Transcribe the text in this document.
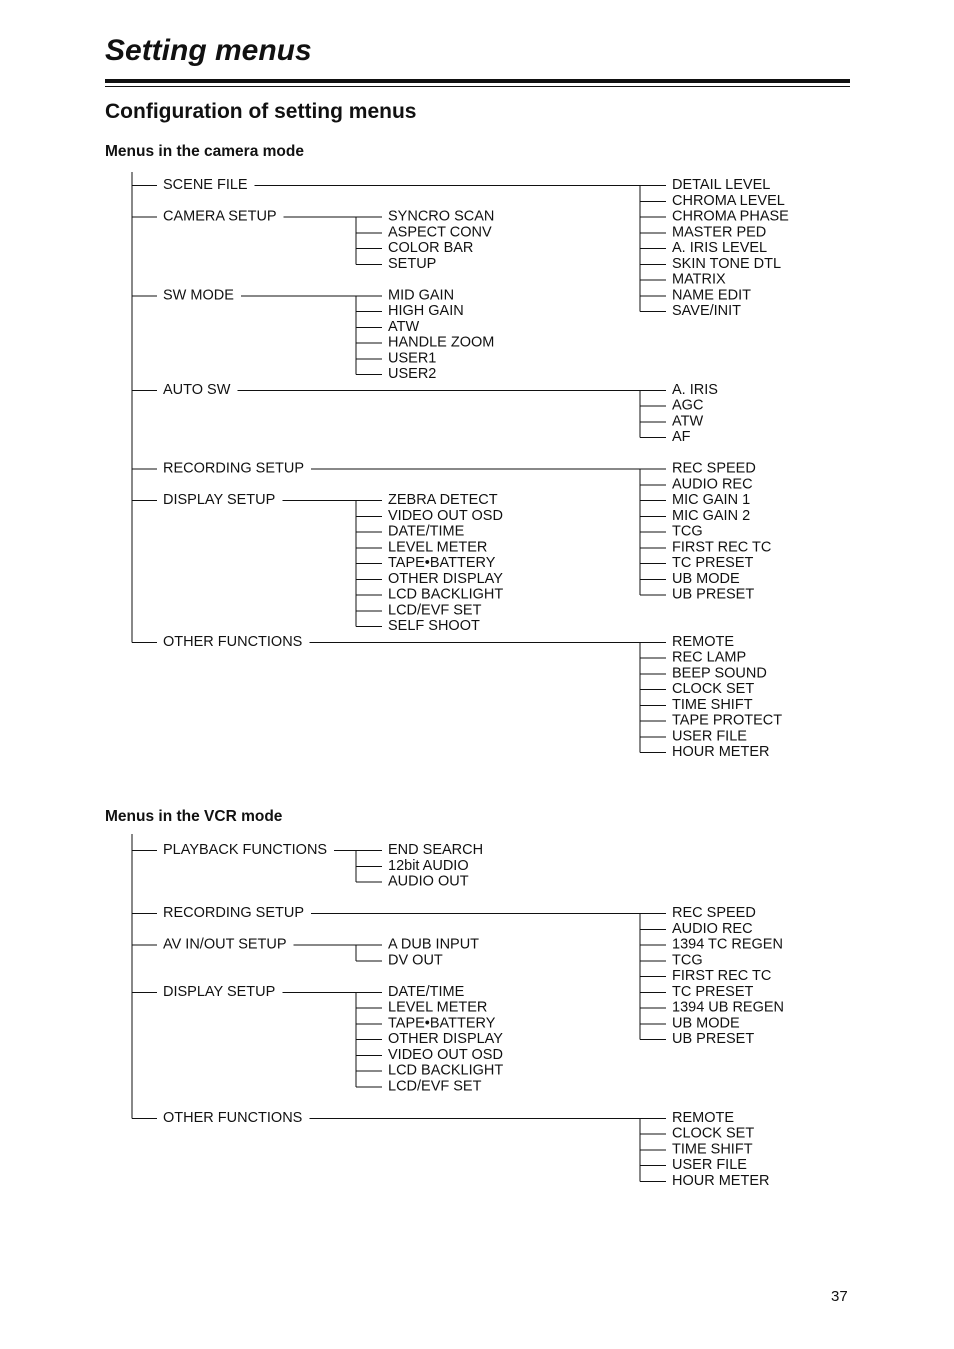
Setting menus
Configuration of setting menus
Menus in the camera mode
Menus in the VCR mode
SCENE FILE	DETAIL LEVEL
CHROMA LEVEL
CHROMA PHASE
MASTER PED
A. IRIS LEVEL
SKIN TONE DTL
MATRIX
NAME EDIT
SAVE/INIT
CAMERA SETUP	SYNCRO SCAN
ASPECT CONV
COLOR BAR
SETUP
SW MODE	MID GAIN
HIGH GAIN
ATW
HANDLE ZOOM
USER1
USER2
AUTO SW	A. IRIS
AGC
ATW
AF
RECORDING SETUP	REC SPEED
AUDIO REC
MIC GAIN 1
MIC GAIN 2
TCG
FIRST REC TC
TC PRESET
UB MODE
UB PRESET
DISPLAY SETUP	ZEBRA DETECT
VIDEO OUT OSD
DATE/TIME
LEVEL METER
TAPE•BATTERY
OTHER DISPLAY
LCD BACKLIGHT
LCD/EVF SET
SELF SHOOT
OTHER FUNCTIONS	REMOTE
REC LAMP
BEEP SOUND
CLOCK SET
TIME SHIFT
TAPE PROTECT
USER FILE
HOUR METER
PLAYBACK FUNCTIONS	END SEARCH
12bit AUDIO
AUDIO OUT
RECORDING SETUP	REC SPEED
AUDIO REC
1394 TC REGEN
TCG
FIRST REC TC
TC PRESET
1394 UB REGEN
UB MODE
UB PRESET
AV IN/OUT SETUP	A DUB INPUT
DV OUT
DISPLAY SETUP	DATE/TIME
LEVEL METER
TAPE•BATTERY
OTHER DISPLAY
VIDEO OUT OSD
LCD BACKLIGHT
LCD/EVF SET
OTHER FUNCTIONS	REMOTE
CLOCK SET
TIME SHIFT
USER FILE
HOUR METER
37
